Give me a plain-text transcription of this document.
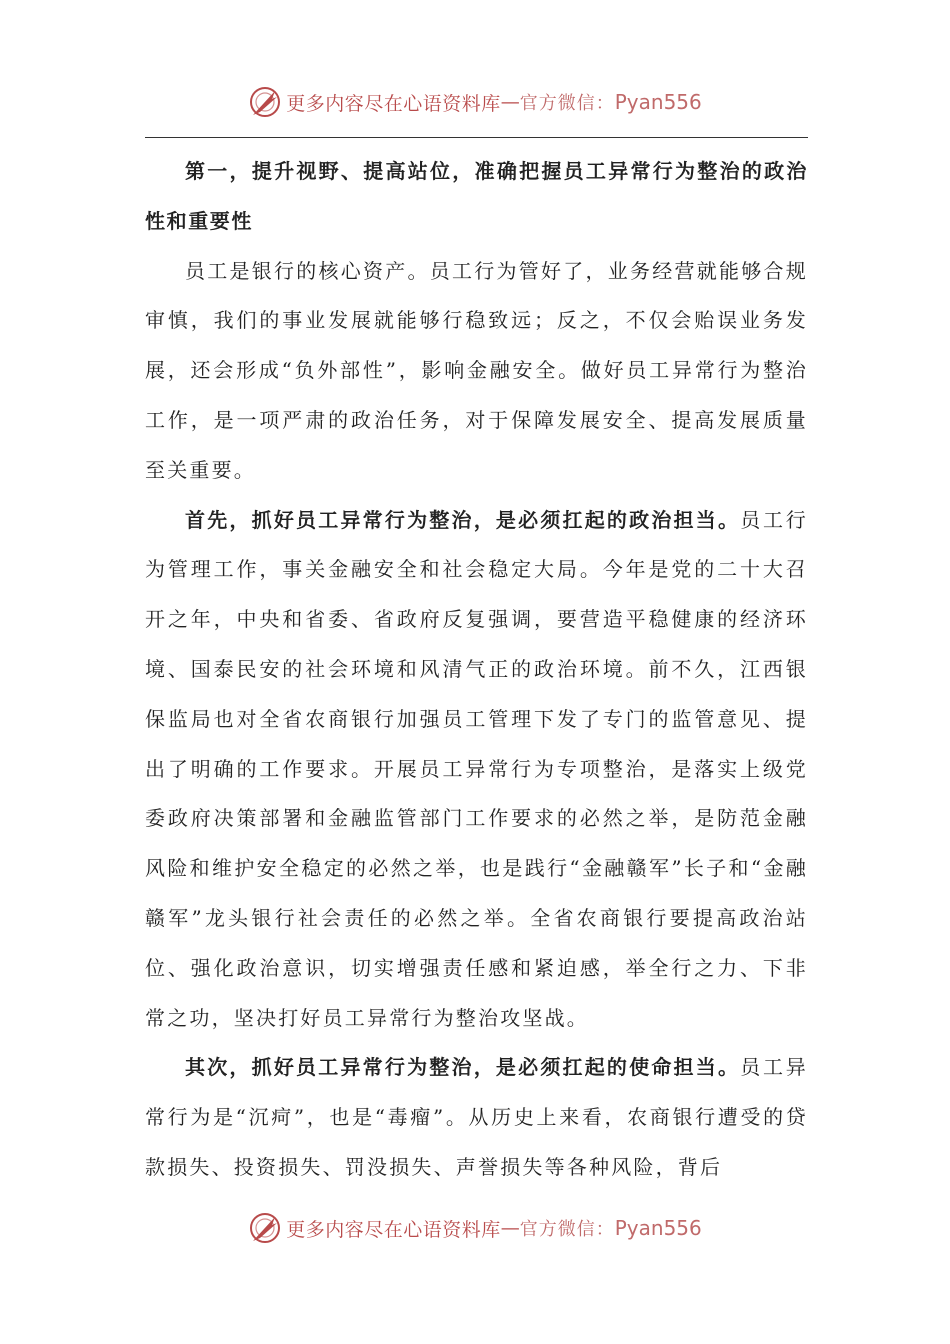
更多内容尽在心语资料库 — 官方微信： Pyan556

第一，提升视野、提高站位，准确把握员工异常行为整治的政治性和重要性

员工是银行的核心资产。员工行为管好了，业务经营就能够合规审慎，我们的事业发展就能够行稳致远；反之，不仅会贻误业务发展，还会形成“负外部性”，影响金融安全。做好员工异常行为整治工作，是一项严肃的政治任务，对于保障发展安全、提高发展质量至关重要。

首先，抓好员工异常行为整治，是必须扛起的政治担当。员工行为管理工作，事关金融安全和社会稳定大局。今年是党的二十大召开之年，中央和省委、省政府反复强调，要营造平稳健康的经济环境、国泰民安的社会环境和风清气正的政治环境。前不久，江西银保监局也对全省农商银行加强员工管理下发了专门的监管意见、提出了明确的工作要求。开展员工异常行为专项整治，是落实上级党委政府决策部署和金融监管部门工作要求的必然之举，是防范金融风险和维护安全稳定的必然之举，也是践行“金融赣军”长子和“金融赣军”龙头银行社会责任的必然之举。全省农商银行要提高政治站位、强化政治意识，切实增强责任感和紧迫感，举全行之力、下非常之功，坚决打好员工异常行为整治攻坚战。

其次，抓好员工异常行为整治，是必须扛起的使命担当。员工异常行为是“沉疴”，也是“毒瘤”。从历史上来看，农商银行遭受的贷款损失、投资损失、罚没损失、声誉损失等各种风险，背后

更多内容尽在心语资料库 — 官方微信： Pyan556
